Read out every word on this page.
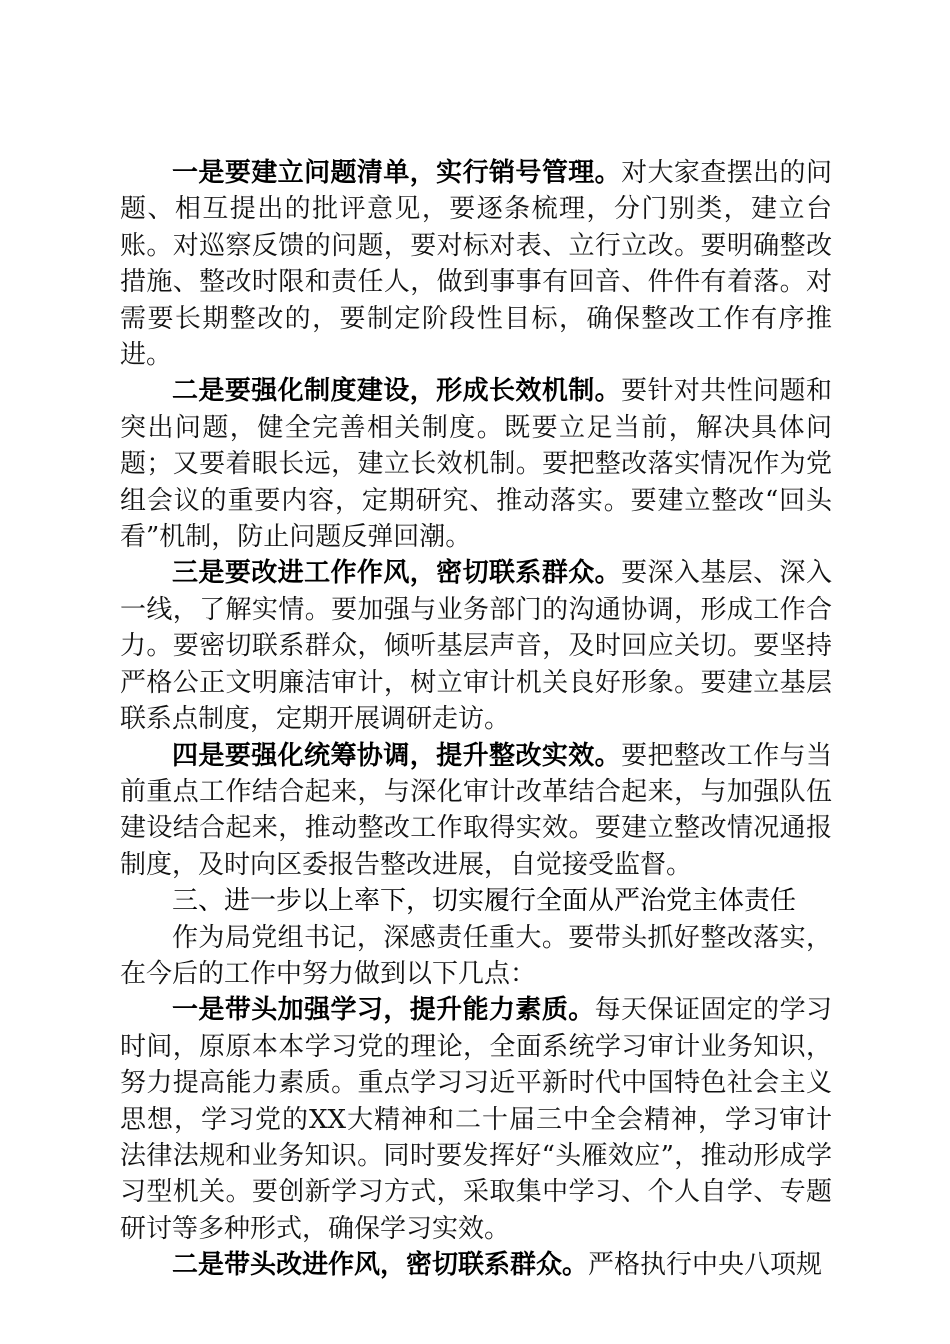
一是要建立问题清单，实行销号管理。对大家查摆出的问题、相互提出的批评意见，要逐条梳理，分门别类，建立台账。对巡察反馈的问题，要对标对表、立行立改。要明确整改措施、整改时限和责任人，做到事事有回音、件件有着落。对需要长期整改的，要制定阶段性目标，确保整改工作有序推进。

二是要强化制度建设，形成长效机制。要针对共性问题和突出问题，健全完善相关制度。既要立足当前，解决具体问题；又要着眼长远，建立长效机制。要把整改落实情况作为党组会议的重要内容，定期研究、推动落实。要建立整改“回头看”机制，防止问题反弹回潮。

三是要改进工作作风，密切联系群众。要深入基层、深入一线，了解实情。要加强与业务部门的沟通协调，形成工作合力。要密切联系群众，倾听基层声音，及时回应关切。要坚持严格公正文明廉洁审计，树立审计机关良好形象。要建立基层联系点制度，定期开展调研走访。

四是要强化统筹协调，提升整改实效。要把整改工作与当前重点工作结合起来，与深化审计改革结合起来，与加强队伍建设结合起来，推动整改工作取得实效。要建立整改情况通报制度，及时向区委报告整改进展，自觉接受监督。

三、进一步以上率下，切实履行全面从严治党主体责任

作为局党组书记，深感责任重大。要带头抓好整改落实，在今后的工作中努力做到以下几点：

一是带头加强学习，提升能力素质。每天保证固定的学习时间，原原本本学习党的理论，全面系统学习审计业务知识，努力提高能力素质。重点学习习近平新时代中国特色社会主义思想，学习党的XX大精神和二十届三中全会精神，学习审计法律法规和业务知识。同时要发挥好“头雁效应”，推动形成学习型机关。要创新学习方式，采取集中学习、个人自学、专题研讨等多种形式，确保学习实效。

二是带头改进作风，密切联系群众。严格执行中央八项规
